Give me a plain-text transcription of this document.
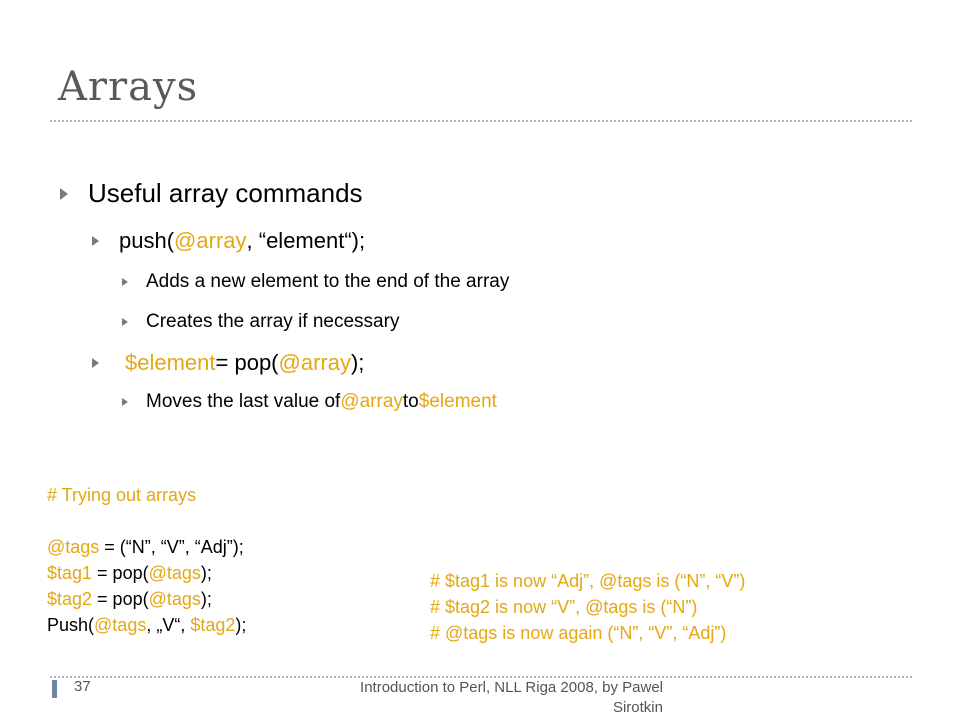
Arrays
Useful array commands
push( @array , “element“);
Adds a new element to the end of the array
Creates the array if necessary
$element = pop( @array );
Moves the last value of @array to $element
# Trying out arrays
@tags = (“N”, “V”, “Adj”);
$tag1 = pop(@tags);
$tag2 = pop(@tags);
Push(@tags, „V“, $tag2);
# $tag1 is now “Adj”, @tags is (“N”, “V”)
# $tag2 is now “V”, @tags is (“N”)
# @tags is now again (“N”, “V”, “Adj”)
37	Introduction to Perl, NLL Riga 2008, by Pawel Sirotkin
